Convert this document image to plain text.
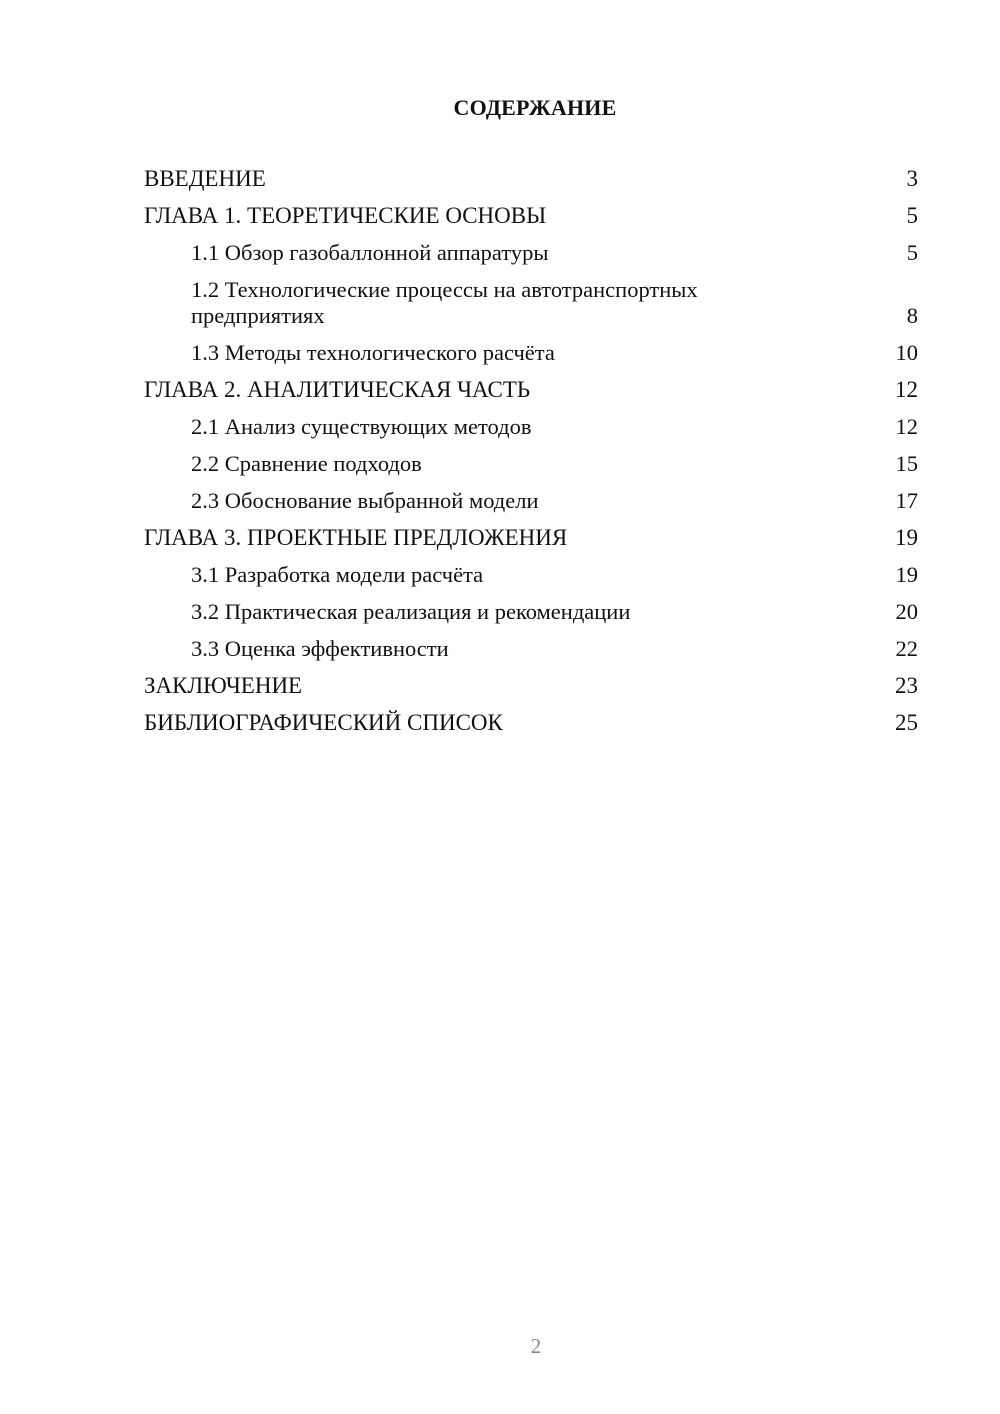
СОДЕРЖАНИЕ
ВВЕДЕНИЕ	3
ГЛАВА 1. ТЕОРЕТИЧЕСКИЕ ОСНОВЫ	5
1.1 Обзор газобаллонной аппаратуры	5
1.2 Технологические процессы на автотранспортных предприятиях	8
1.3 Методы технологического расчёта	10
ГЛАВА 2. АНАЛИТИЧЕСКАЯ ЧАСТЬ	12
2.1 Анализ существующих методов	12
2.2 Сравнение подходов	15
2.3 Обоснование выбранной модели	17
ГЛАВА 3. ПРОЕКТНЫЕ ПРЕДЛОЖЕНИЯ	19
3.1 Разработка модели расчёта	19
3.2 Практическая реализация и рекомендации	20
3.3 Оценка эффективности	22
ЗАКЛЮЧЕНИЕ	23
БИБЛИОГРАФИЧЕСКИЙ СПИСОК	25
2
